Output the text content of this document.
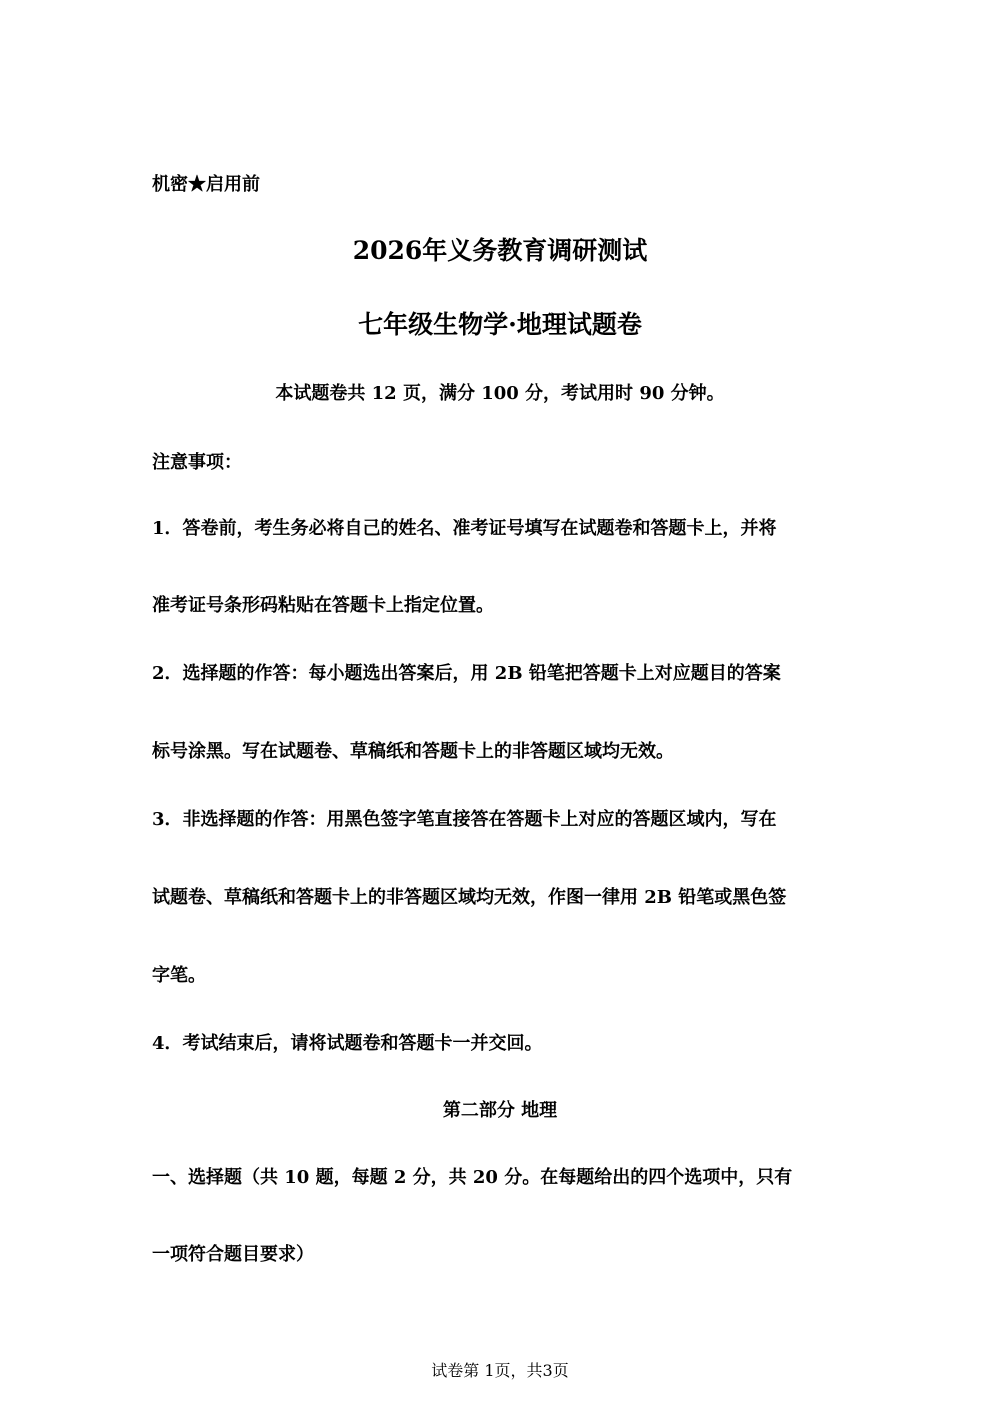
机密★启用前
2026年义务教育调研测试
七年级生物学·地理试题卷
本试题卷共 12 页，满分 100 分，考试用时 90 分钟。
注意事项：
1．答卷前，考生务必将自己的姓名、准考证号填写在试题卷和答题卡上，并将
准考证号条形码粘贴在答题卡上指定位置。
2．选择题的作答：每小题选出答案后，用 2B 铅笔把答题卡上对应题目的答案
标号涂黑。写在试题卷、草稿纸和答题卡上的非答题区域均无效。
3．非选择题的作答：用黑色签字笔直接答在答题卡上对应的答题区域内，写在
试题卷、草稿纸和答题卡上的非答题区域均无效，作图一律用 2B 铅笔或黑色签
字笔。
4．考试结束后，请将试题卷和答题卡一并交回。
第二部分 地理
一、选择题（共 10 题，每题 2 分，共 20 分。在每题给出的四个选项中，只有
一项符合题目要求）
试卷第 1页，共3页
